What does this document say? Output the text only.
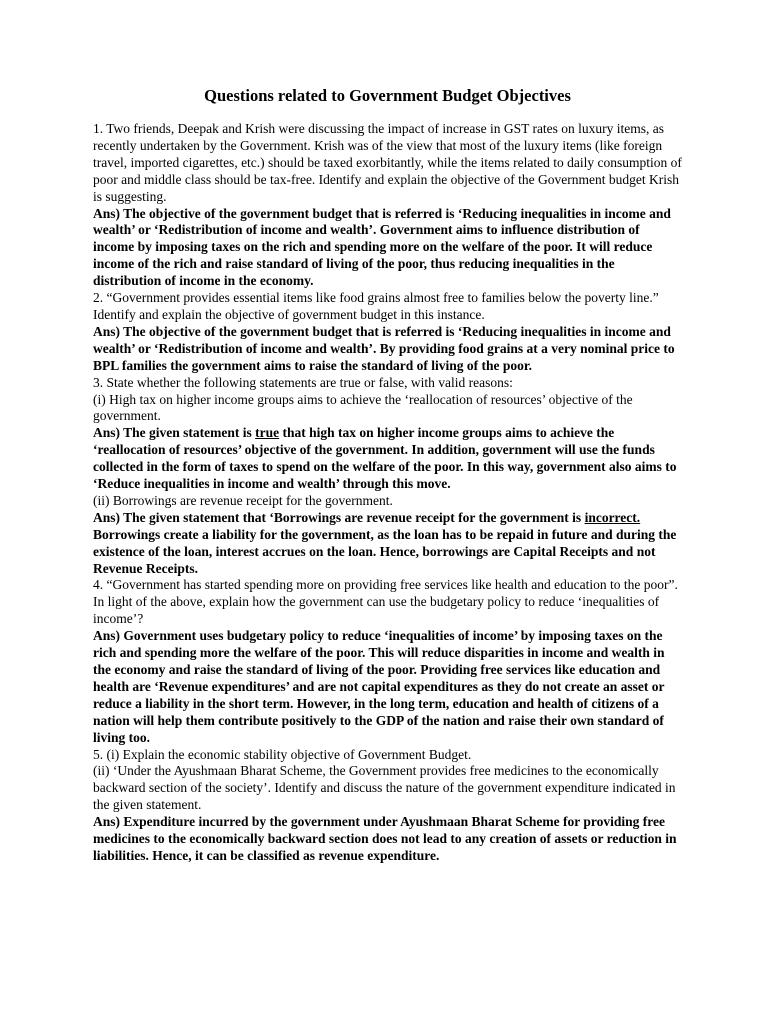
Questions related to Government Budget Objectives
1. Two friends, Deepak and Krish were discussing the impact of increase in GST rates on luxury items, as recently undertaken by the Government. Krish was of the view that most of the luxury items (like foreign travel, imported cigarettes, etc.) should be taxed exorbitantly, while the items related to daily consumption of poor and middle class should be tax-free. Identify and explain the objective of the Government budget Krish is suggesting.
Ans) The objective of the government budget that is referred is ‘Reducing inequalities in income and wealth’ or ‘Redistribution of income and wealth’. Government aims to influence distribution of income by imposing taxes on the rich and spending more on the welfare of the poor. It will reduce income of the rich and raise standard of living of the poor, thus reducing inequalities in the distribution of income in the economy.
2. “Government provides essential items like food grains almost free to families below the poverty line.” Identify and explain the objective of government budget in this instance.
Ans) The objective of the government budget that is referred is ‘Reducing inequalities in income and wealth’ or ‘Redistribution of income and wealth’. By providing food grains at a very nominal price to BPL families the government aims to raise the standard of living of the poor.
3. State whether the following statements are true or false, with valid reasons:
(i) High tax on higher income groups aims to achieve the ‘reallocation of resources’ objective of the government.
Ans) The given statement is true that high tax on higher income groups aims to achieve the ‘reallocation of resources’ objective of the government. In addition, government will use the funds collected in the form of taxes to spend on the welfare of the poor. In this way, government also aims to ‘Reduce inequalities in income and wealth’ through this move.
(ii) Borrowings are revenue receipt for the government.
Ans) The given statement that ‘Borrowings are revenue receipt for the government is incorrect. Borrowings create a liability for the government, as the loan has to be repaid in future and during the existence of the loan, interest accrues on the loan. Hence, borrowings are Capital Receipts and not Revenue Receipts.
4. “Government has started spending more on providing free services like health and education to the poor”. In light of the above, explain how the government can use the budgetary policy to reduce ‘inequalities of income’?
Ans) Government uses budgetary policy to reduce ‘inequalities of income’ by imposing taxes on the rich and spending more the welfare of the poor. This will reduce disparities in income and wealth in the economy and raise the standard of living of the poor. Providing free services like education and health are ‘Revenue expenditures’ and are not capital expenditures as they do not create an asset or reduce a liability in the short term. However, in the long term, education and health of citizens of a nation will help them contribute positively to the GDP of the nation and raise their own standard of living too.
5. (i) Explain the economic stability objective of Government Budget.
(ii) ‘Under the Ayushmaan Bharat Scheme, the Government provides free medicines to the economically backward section of the society’. Identify and discuss the nature of the government expenditure indicated in the given statement.
Ans) Expenditure incurred by the government under Ayushmaan Bharat Scheme for providing free medicines to the economically backward section does not lead to any creation of assets or reduction in liabilities. Hence, it can be classified as revenue expenditure.
